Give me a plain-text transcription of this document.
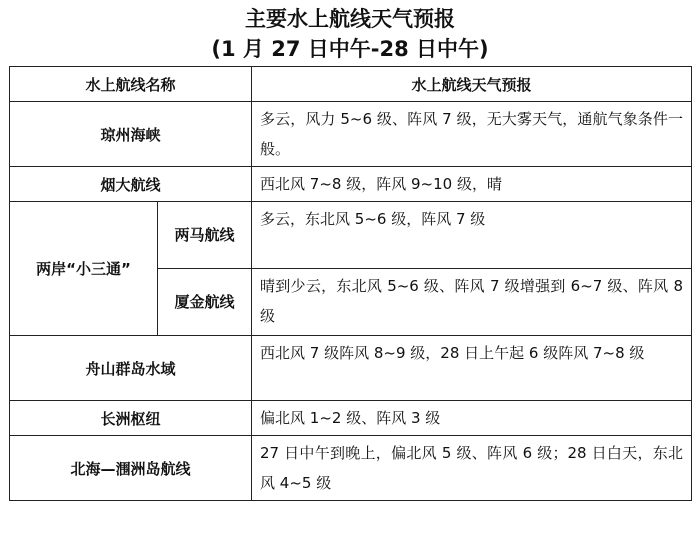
主要水上航线天气预报
(1 月 27 日中午-28 日中午)
水上航线名称		水上航线天气预报
琼州海峡		多云，风力 5~6 级、阵风 7 级，无大雾天气，通航气象条件一般。
烟大航线		西北风 7~8 级，阵风 9~10 级，晴
两岸“小三通”	两马航线	多云，东北风 5~6 级，阵风 7 级
	厦金航线	晴到少云，东北风 5~6 级、阵风 7 级增强到 6~7 级、阵风 8 级
舟山群岛水域		西北风 7 级阵风 8~9 级，28 日上午起 6 级阵风 7~8 级
长洲枢纽		偏北风 1~2 级、阵风 3 级
北海—涠洲岛航线		27 日中午到晚上，偏北风 5 级、阵风 6 级；28 日白天，东北风 4~5 级
